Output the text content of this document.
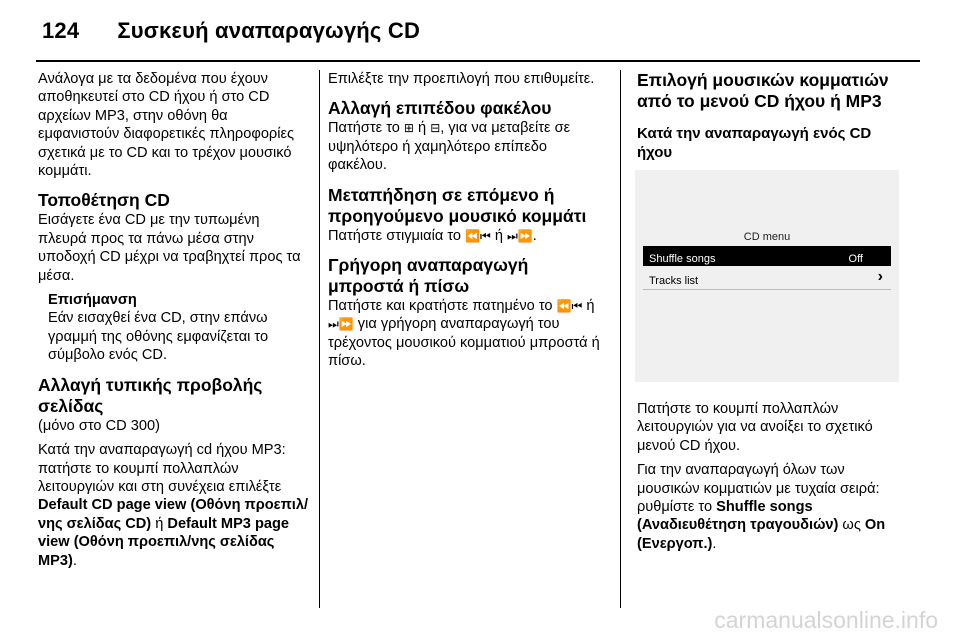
124 Συσκευή αναπαραγωγής CD

Ανάλογα με τα δεδομένα που έχουν αποθηκευτεί στο CD ήχου ή στο CD αρχείων MP3, στην οθόνη θα εμφανιστούν διαφορετικές πληροφορίες σχετικά με το CD και το τρέχον μουσικό κομμάτι.

Τοποθέτηση CD

Εισάγετε ένα CD με την τυπωμένη πλευρά προς τα πάνω μέσα στην υποδοχή CD μέχρι να τραβηχτεί προς τα μέσα.

Επισήμανση

Εάν εισαχθεί ένα CD, στην επάνω γραμμή της οθόνης εμφανίζεται το σύμβολο ενός CD.

Αλλαγή τυπικής προβολής σελίδας

(μόνο στο CD 300)

Κατά την αναπαραγωγή cd ήχου MP3: πατήστε το κουμπί πολλαπλών λειτουργιών και στη συνέχεια επιλέξτε Default CD page view (Οθόνη προεπιλ/νης σελίδας CD) ή Default MP3 page view (Οθόνη προεπιλ/νης σελίδας MP3).

Επιλέξτε την προεπιλογή που επιθυμείτε.

Αλλαγή επιπέδου φακέλου

Πατήστε το ⊞ ή ⊟, για να μεταβείτε σε υψηλότερο ή χαμηλότερο επίπεδο φακέλου.

Μεταπήδηση σε επόμενο ή προηγούμενο μουσικό κομμάτι

Πατήστε στιγμιαία το ⏪⏮ ή ⏭⏩.

Γρήγορη αναπαραγωγή μπροστά ή πίσω

Πατήστε και κρατήστε πατημένο το ⏪⏮ ή ⏭⏩ για γρήγορη αναπαραγωγή του τρέχοντος μουσικού κομματιού μπροστά ή πίσω.

Επιλογή μουσικών κομματιών από το μενού CD ήχου ή MP3
Κατά την αναπαραγωγή ενός CD ήχου
CD menu
Shuffle songs	Off
Tracks list	›

Πατήστε το κουμπί πολλαπλών λειτουργιών για να ανοίξει το σχετικό μενού CD ήχου.

Για την αναπαραγωγή όλων των μουσικών κομματιών με τυχαία σειρά: ρυθμίστε το Shuffle songs (Αναδιευθέτηση τραγουδιών) ως On (Ενεργοπ.).

carmanualsonline.info
